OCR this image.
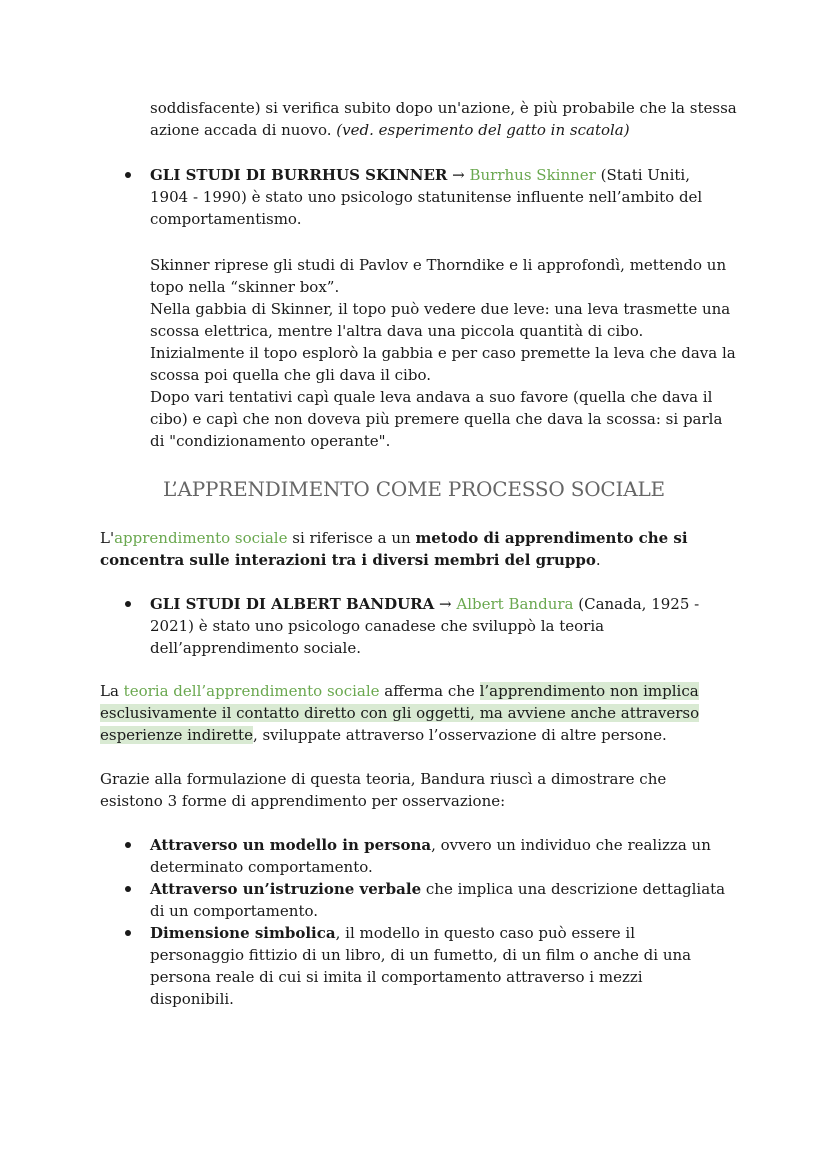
soddisfacente) si verifica subito dopo un'azione, è più probabile che la stessa

azione accada di nuovo. (ved. esperimento del gatto in scatola)

GLI STUDI DI BURRHUS SKINNER → Burrhus Skinner (Stati Uniti, 1904 - 1990) è stato uno psicologo statunitense influente nell’ambito del comportamentismo.

Skinner riprese gli studi di Pavlov e Thorndike e li approfondì, mettendo un topo nella “skinner box”.

Nella gabbia di Skinner, il topo può vedere due leve: una leva trasmette una scossa elettrica, mentre l'altra dava una piccola quantità di cibo.

Inizialmente il topo esplorò la gabbia e per caso premette la leva che dava la scossa poi quella che gli dava il cibo.

Dopo vari tentativi capì quale leva andava a suo favore (quella che dava il cibo) e capì che non doveva più premere quella che dava la scossa: si parla di "condizionamento operante".

L’APPRENDIMENTO COME PROCESSO SOCIALE

L'apprendimento sociale si riferisce a un metodo di apprendimento che si concentra sulle interazioni tra i diversi membri del gruppo.

GLI STUDI DI ALBERT BANDURA → Albert Bandura (Canada, 1925 - 2021) è stato uno psicologo canadese che sviluppò la teoria dell’apprendimento sociale.

La teoria dell’apprendimento sociale afferma che l’apprendimento non implica esclusivamente il contatto diretto con gli oggetti, ma avviene anche attraverso esperienze indirette, sviluppate attraverso l’osservazione di altre persone.

Grazie alla formulazione di questa teoria, Bandura riuscì a dimostrare che esistono 3 forme di apprendimento per osservazione:

Attraverso un modello in persona, ovvero un individuo che realizza un determinato comportamento.
Attraverso un’istruzione verbale che implica una descrizione dettagliata di un comportamento.
Dimensione simbolica, il modello in questo caso può essere il personaggio fittizio di un libro, di un fumetto, di un film o anche di una persona reale di cui si imita il comportamento attraverso i mezzi disponibili.
